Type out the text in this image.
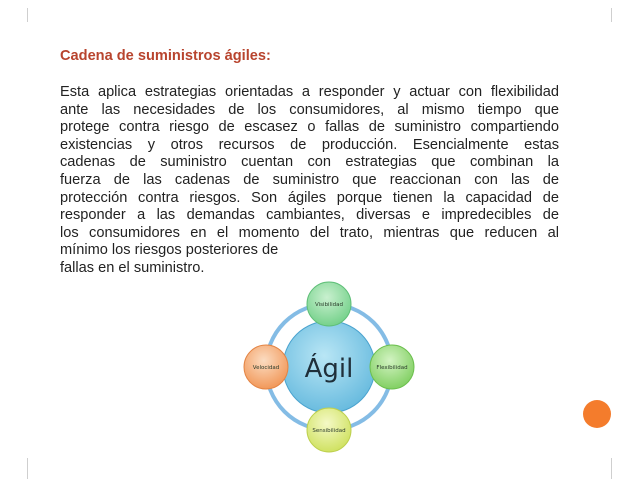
Cadena de suministros ágiles:
Esta aplica estrategias orientadas a responder y actuar con flexibilidad
ante las necesidades de los consumidores, al mismo tiempo que
protege contra riesgo de escasez o fallas de suministro compartiendo
existencias y otros recursos de producción. Esencialmente estas
cadenas de suministro cuentan con estrategias que combinan la
fuerza de las cadenas de suministro que reaccionan con las de
protección contra riesgos. Son ágiles porque tienen la capacidad de
responder a las demandas cambiantes, diversas e impredecibles de
los consumidores en el momento del trato, mientras que reducen al
mínimo los riesgos posteriores de
fallas en el suministro.
Ágil
Visibilidad
Flexibilidad
Sensibilidad
Velocidad
